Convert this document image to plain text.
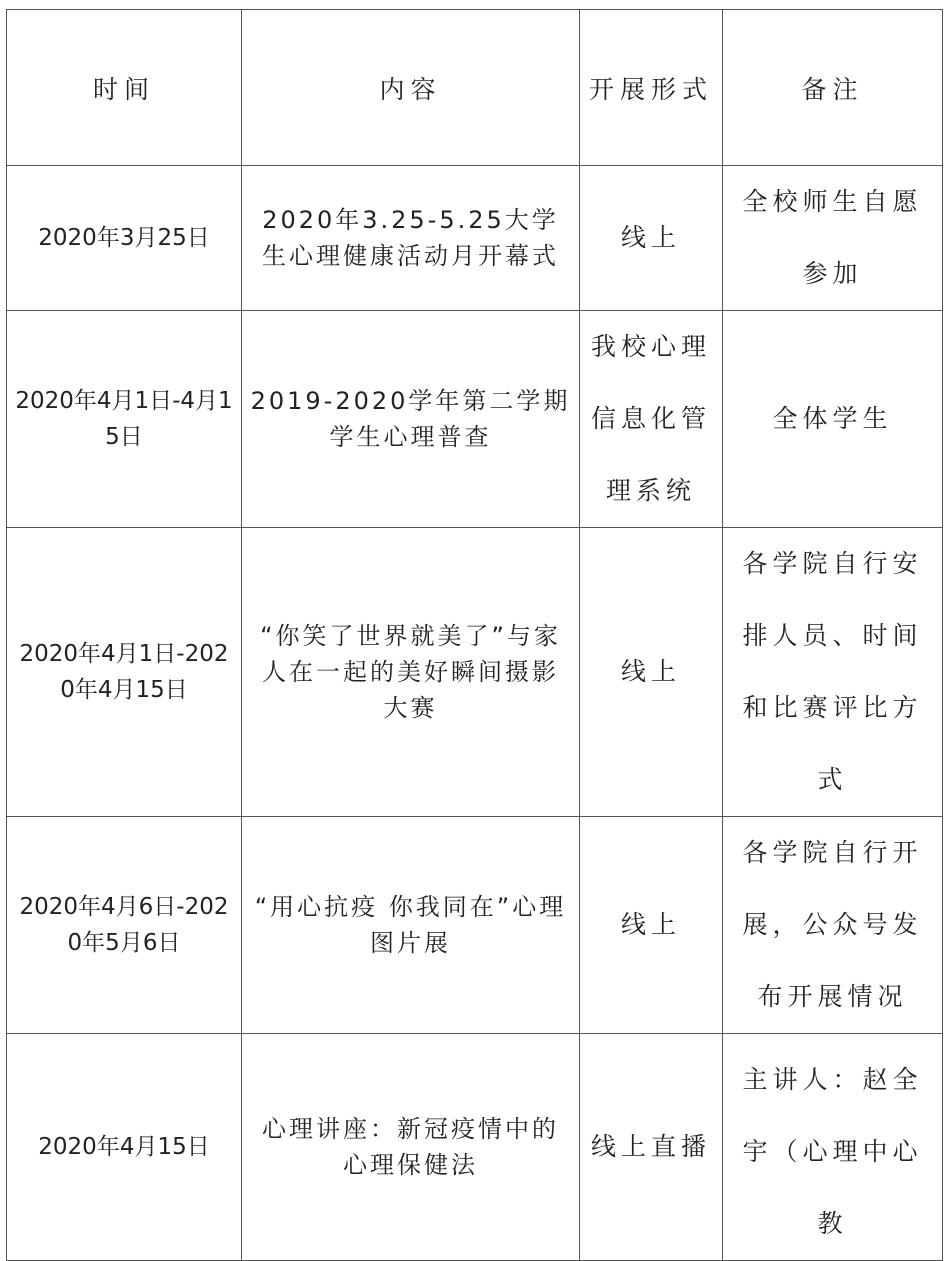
时间	内容	开展形式	备注

2020年3月25日	2020年3.25-5.25大学生心理健康活动月开幕式	线上	全校师生自愿参加

2020年4月1日-4月15日	2019-2020学年第二学期学生心理普查	我校心理信息化管理系统	全体学生

2020年4月1日-2020年4月15日	“你笑了世界就美了”与家人在一起的美好瞬间摄影大赛	线上	各学院自行安排人员、时间和比赛评比方式

2020年4月6日-2020年5月6日	“用心抗疫 你我同在”心理图片展	线上	各学院自行开展，公众号发布开展情况

2020年4月15日	心理讲座：新冠疫情中的心理保健法	线上直播	主讲人：赵全宇（心理中心教
